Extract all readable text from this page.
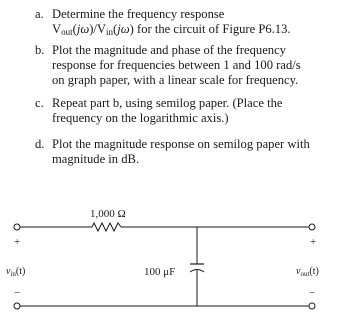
a. Determine the frequency response
Vout(jω)/Vin(jω) for the circuit of Figure P6.13.
b. Plot the magnitude and phase of the frequency
response for frequencies between 1 and 100 rad/s
on graph paper, with a linear scale for frequency.
c. Repeat part b, using semilog paper. (Place the
frequency on the logarithmic axis.)
d. Plot the magnitude response on semilog paper with
magnitude in dB.
1,000 Ω
100 μF
+
−
+
−
$v_{in}(t)$	$v_{out}(t)$
